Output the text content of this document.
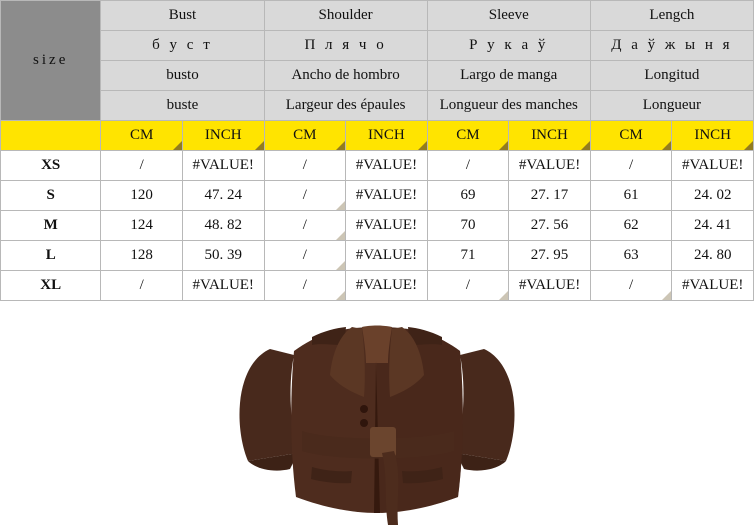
size	Bust		Shoulder		Sleeve		Lengch	
	б у с т		П л я ч о		Р у к а ў		Д а ў ж ы н я	
	busto		Ancho de hombro		Largo de manga		Longitud	
	buste		Largeur des épaules		Longueur des manches		Longueur	
	CM	INCH	CM	INCH	CM	INCH	CM	INCH
XS	/	#VALUE!	/	#VALUE!	/	#VALUE!	/	#VALUE!
S	120	47. 24	/	#VALUE!	69	27. 17	61	24. 02
M	124	48. 82	/	#VALUE!	70	27. 56	62	24. 41
L	128	50. 39	/	#VALUE!	71	27. 95	63	24. 80
XL	/	#VALUE!	/	#VALUE!	/	#VALUE!	/	#VALUE!
